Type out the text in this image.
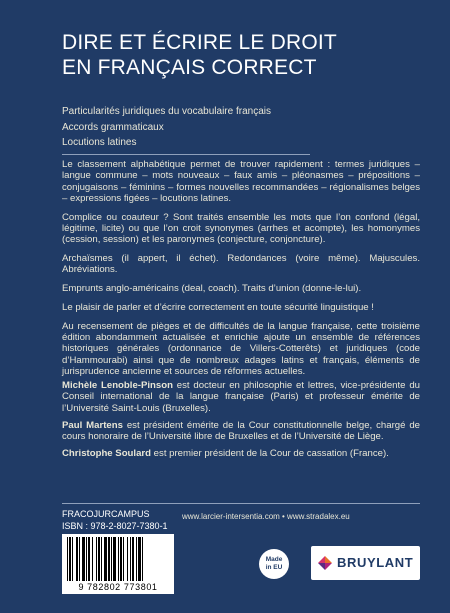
DIRE ET ÉCRIRE LE DROIT
EN FRANÇAIS CORRECT
Particularités juridiques du vocabulaire français
Accords grammaticaux
Locutions latines

Le classement alphabétique permet de trouver rapidement : termes juridiques – langue commune – mots nouveaux – faux amis – pléonasmes – prépositions – conjugaisons – féminins – formes nouvelles recommandées – régionalismes belges – expressions figées – locutions latines.

Complice ou coauteur ? Sont traités ensemble les mots que l’on confond (légal, légitime, licite) ou que l’on croit synonymes (arrhes et acompte), les homonymes (cession, session) et les paronymes (conjecture, conjoncture).

Archaïsmes (il appert, il échet). Redondances (voire même). Majuscules. Abréviations.

Emprunts anglo-américains (deal, coach). Traits d’union (donne-le-lui).

Le plaisir de parler et d’écrire correctement en toute sécurité linguistique !

Au recensement de pièges et de difficultés de la langue française, cette troisième édition abondamment actualisée et enrichie ajoute un ensemble de références historiques générales (ordonnance de Villers-Cotterêts) et juridiques (code d’Hammourabi) ainsi que de nombreux adages latins et français, éléments de jurisprudence ancienne et sources de réformes actuelles.

Michèle Lenoble-Pinson est docteur en philosophie et lettres, vice-présidente du Conseil international de la langue française (Paris) et professeur émérite de l’Université Saint-Louis (Bruxelles).

Paul Martens est président émérite de la Cour constitutionnelle belge, chargé de cours honoraire de l’Université libre de Bruxelles et de l’Université de Liège.

Christophe Soulard est premier président de la Cour de cassation (France).

FRACOJURCAMPUS
ISBN : 978-2-8027-7380-1
9 782802 773801
www.larcier-intersentia.com • www.stradalex.eu
Made
in EU	BRUYLANT
